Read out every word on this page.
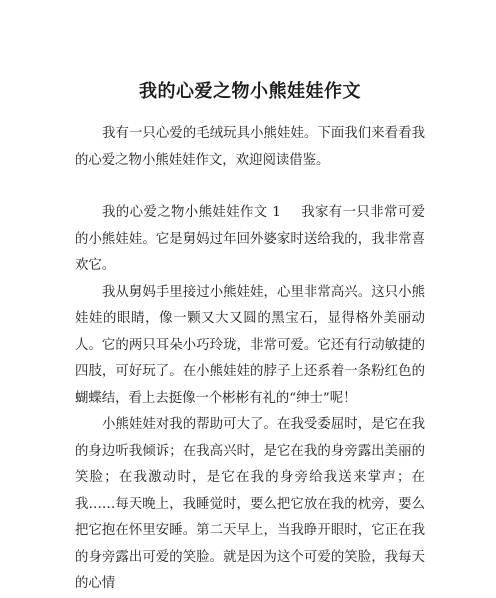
我的心爱之物小熊娃娃作文

我有一只心爱的毛绒玩具小熊娃娃。下面我们来看看我的心爱之物小熊娃娃作文，欢迎阅读借鉴。

我的心爱之物小熊娃娃作文 1 我家有一只非常可爱的小熊娃娃。它是舅妈过年回外婆家时送给我的，我非常喜欢它。

我从舅妈手里接过小熊娃娃，心里非常高兴。这只小熊娃娃的眼睛，像一颗又大又圆的黑宝石，显得格外美丽动人。它的两只耳朵小巧玲珑，非常可爱。它还有行动敏捷的四肢，可好玩了。在小熊娃娃的脖子上还系着一条粉红色的蝴蝶结，看上去挺像一个彬彬有礼的“绅士”呢！

小熊娃娃对我的帮助可大了。在我受委屈时，是它在我的身边听我倾诉；在我高兴时，是它在我的身旁露出美丽的笑脸；在我激动时，是它在我的身旁给我送来掌声；在我……每天晚上，我睡觉时，要么把它放在我的枕旁，要么把它抱在怀里安睡。第二天早上，当我睁开眼时，它正在我的身旁露出可爱的笑脸。就是因为这个可爱的笑脸，我每天的心情
